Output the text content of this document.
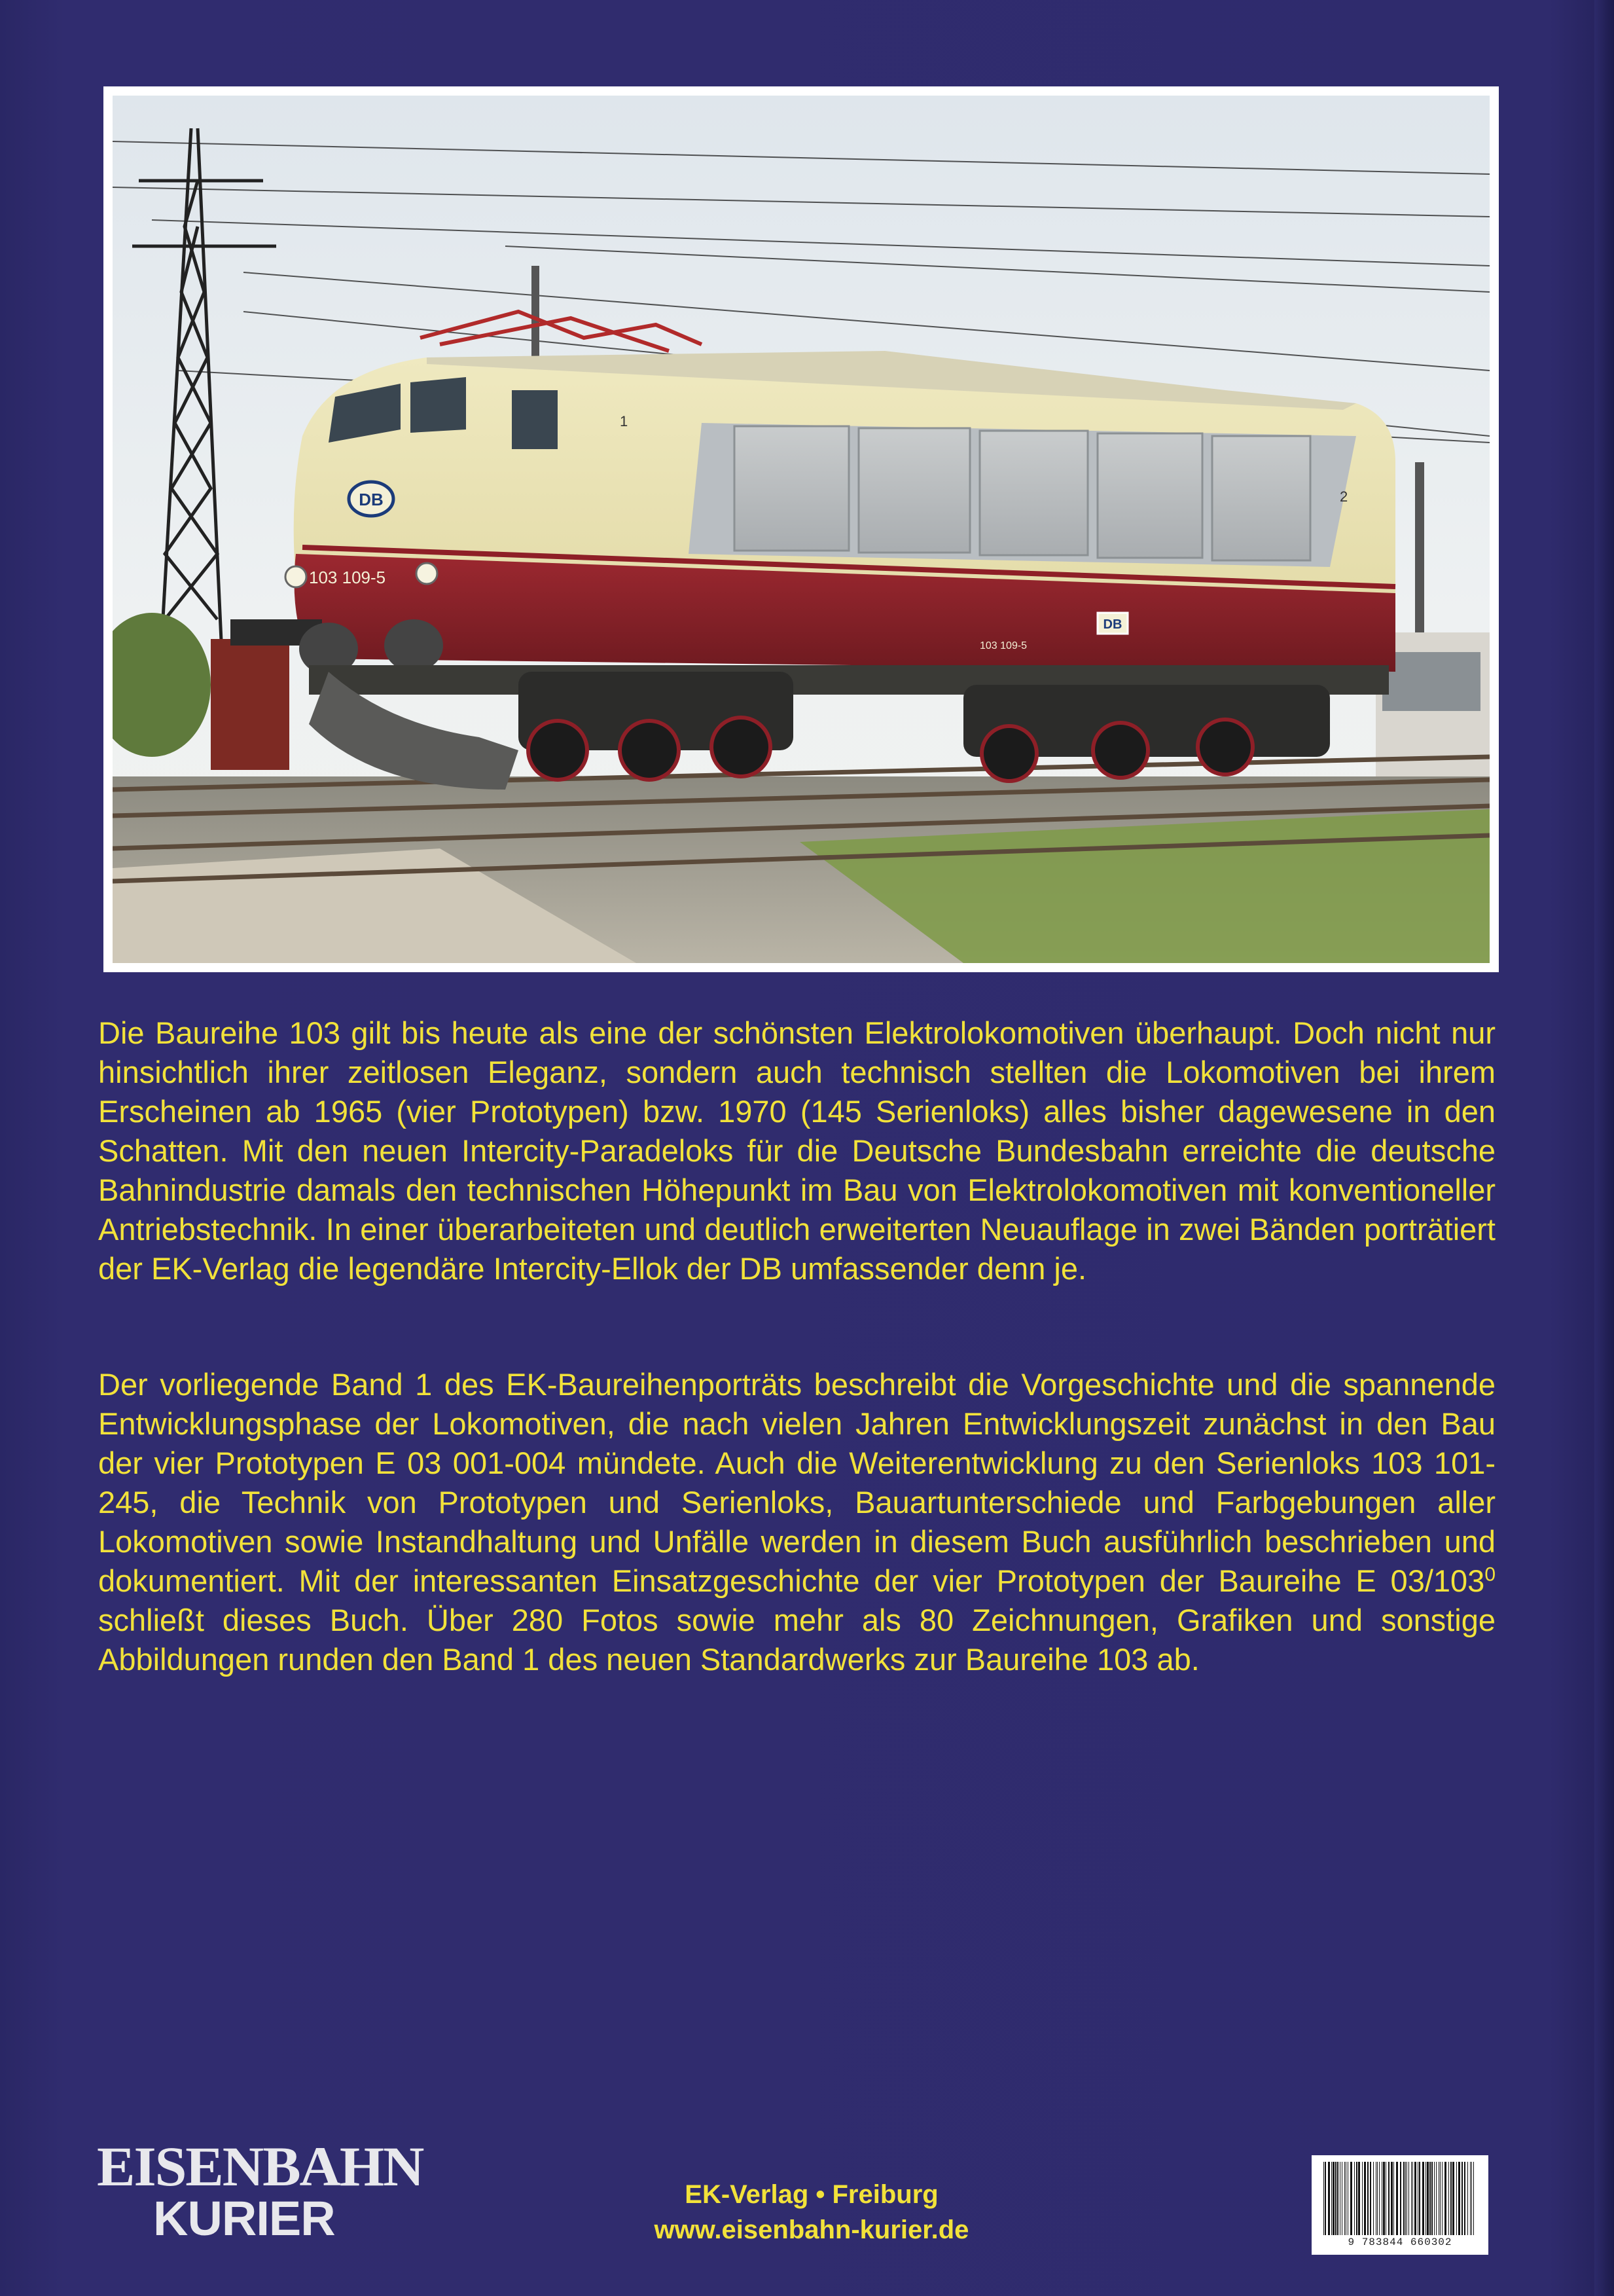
DB
DB
103 109-5
103 109-5
1
2
Die Baureihe 103 gilt bis heute als eine der schönsten Elektrolokomotiven überhaupt. Doch nicht nur hinsichtlich ihrer zeitlosen Eleganz, sondern auch technisch stellten die Lokomotiven bei ihrem Erscheinen ab 1965 (vier Prototypen) bzw. 1970 (145 Serienloks) alles bisher dagewesene in den Schatten. Mit den neuen Intercity-Paradeloks für die Deutsche Bundesbahn erreichte die deutsche Bahnindustrie damals den technischen Höhepunkt im Bau von Elektrolokomotiven mit konventioneller Antriebstechnik. In einer überarbeiteten und deutlich erweiterten Neuauflage in zwei Bänden porträtiert der EK-Verlag die legendäre Intercity-Ellok der DB umfassender denn je.
Der vorliegende Band 1 des EK-Baureihenporträts beschreibt die Vorgeschichte und die spannende Entwicklungsphase der Lokomotiven, die nach vielen Jahren Entwicklungszeit zunächst in den Bau der vier Prototypen E 03 001-004 mündete. Auch die Weiterentwicklung zu den Serienloks 103 101-245, die Technik von Prototypen und Serienloks, Bauartunterschiede und Farbgebungen aller Lokomotiven sowie Instandhaltung und Unfälle werden in diesem Buch ausführlich beschrieben und dokumentiert. Mit der interessanten Einsatzgeschichte der vier Prototypen der Baureihe E $03/103^0$ schließt dieses Buch. Über 280 Fotos sowie mehr als 80 Zeichnungen, Grafiken und sonstige Abbildungen runden den Band 1 des neuen Standardwerks zur Baureihe 103 ab.
EISENBAHN
KURIER	EK-Verlag • Freiburg
www.eisenbahn-kurier.de	9 783844 660302
